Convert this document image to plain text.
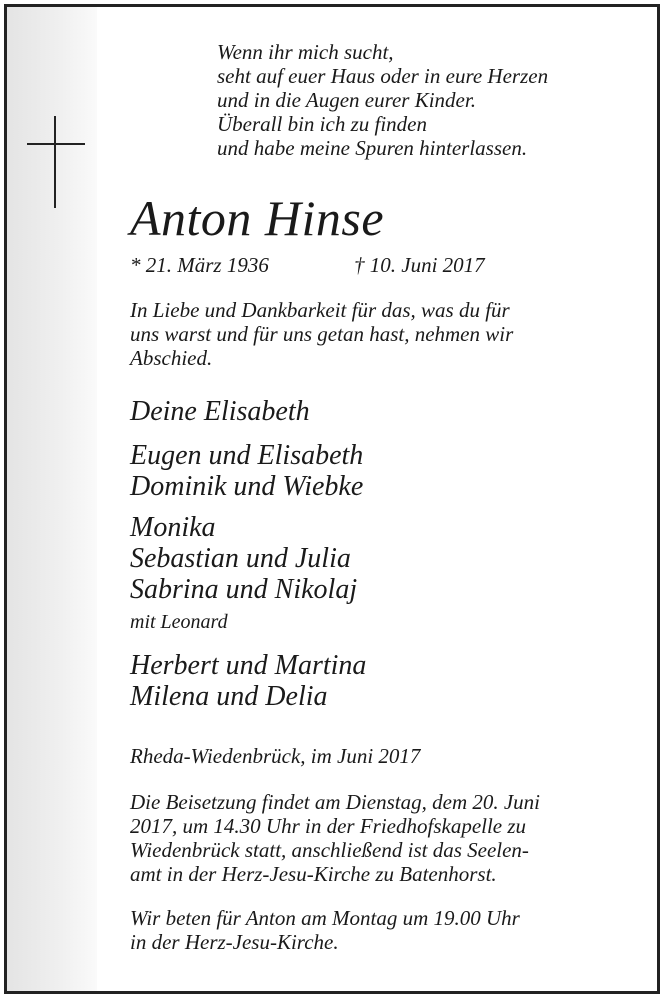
Wenn ihr mich sucht,
seht auf euer Haus oder in eure Herzen
und in die Augen eurer Kinder.
Überall bin ich zu finden
und habe meine Spuren hinterlassen.
Anton Hinse
* 21. März 1936	† 10. Juni 2017
In Liebe und Dankbarkeit für das, was du für
uns warst und für uns getan hast, nehmen wir
Abschied.
Deine Elisabeth
Eugen und Elisabeth
Dominik und Wiebke
Monika
Sebastian und Julia
Sabrina und Nikolaj
mit Leonard
Herbert und Martina
Milena und Delia
Rheda-Wiedenbrück, im Juni 2017
Die Beisetzung findet am Dienstag, dem 20. Juni
2017, um 14.30 Uhr in der Friedhofskapelle zu
Wiedenbrück statt, anschließend ist das Seelen-
amt in der Herz-Jesu-Kirche zu Batenhorst.
Wir beten für Anton am Montag um 19.00 Uhr
in der Herz-Jesu-Kirche.
